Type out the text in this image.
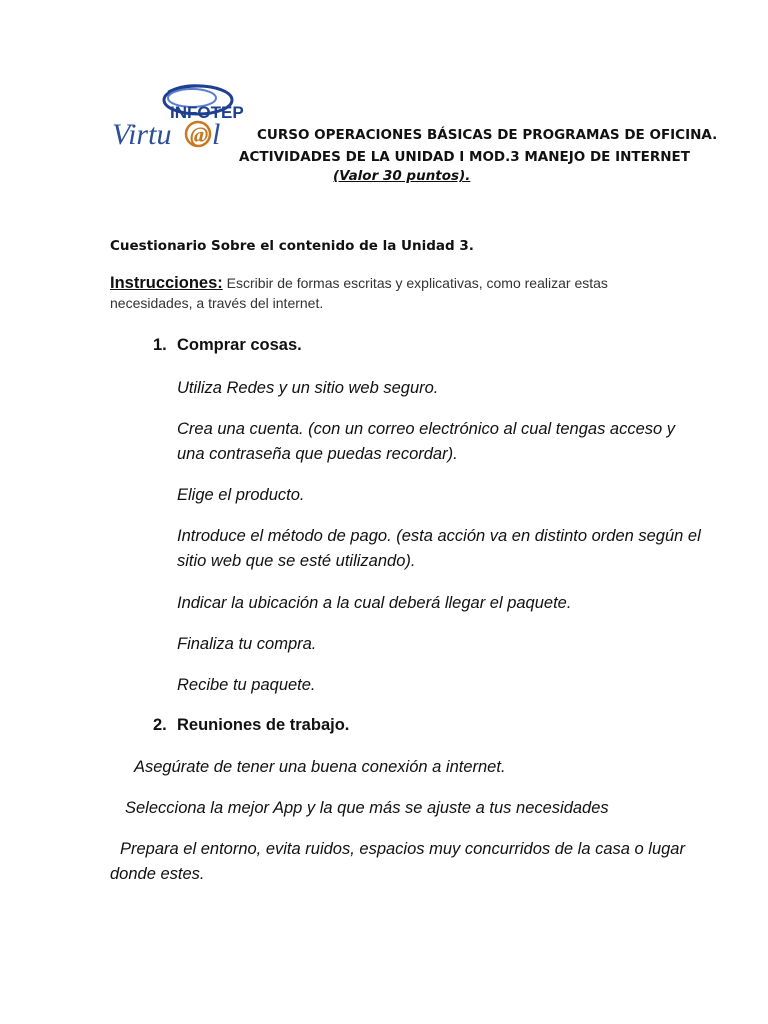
INFOTEP
Virtu @ l	CURSO OPERACIONES BÁSICAS DE PROGRAMAS DE OFICINA.
ACTIVIDADES DE LA UNIDAD I MOD.3 MANEJO DE INTERNET
(Valor 30 puntos).
Cuestionario Sobre el contenido de la Unidad 3.
Instrucciones: Escribir de formas escritas y explicativas, como realizar estas necesidades, a través del internet.
1. Comprar cosas.
Utiliza Redes y un sitio web seguro.
Crea una cuenta. (con un correo electrónico al cual tengas acceso y una contraseña que puedas recordar).
Elige el producto.
Introduce el método de pago. (esta acción va en distinto orden según el sitio web que se esté utilizando).
Indicar la ubicación a la cual deberá llegar el paquete.
Finaliza tu compra.
Recibe tu paquete.
2. Reuniones de trabajo.
Asegúrate de tener una buena conexión a internet.
Selecciona la mejor App y la que más se ajuste a tus necesidades
Prepara el entorno, evita ruidos, espacios muy concurridos de la casa o lugar donde estes.
